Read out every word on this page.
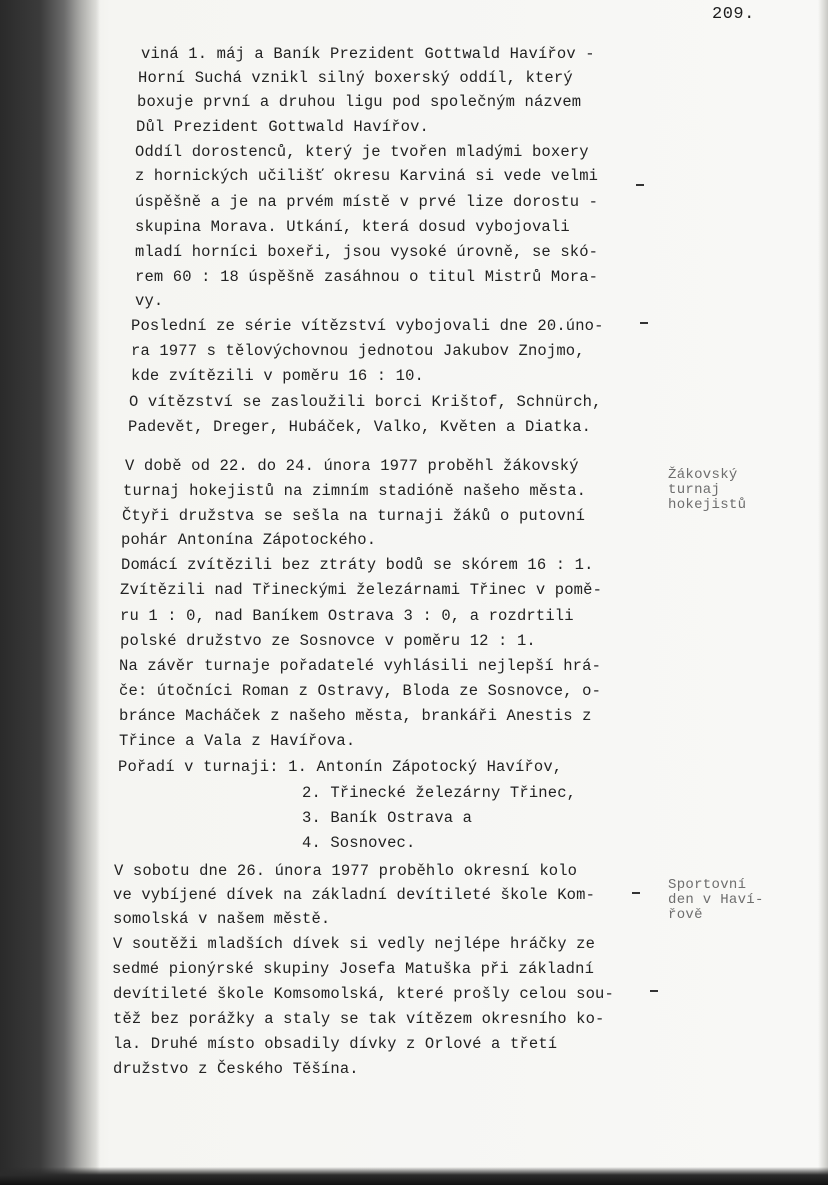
209.
viná 1. máj a Baník Prezident Gottwald Havířov -
Horní Suchá vznikl silný boxerský oddíl, který
boxuje první a druhou ligu pod společným názvem
Důl Prezident Gottwald Havířov.
Oddíl dorostenců, který je tvořen mladými boxery
z hornických učilišť okresu Karviná si vede velmi
úspěšně a je na prvém místě v prvé lize dorostu -
skupina Morava. Utkání, která dosud vybojovali
mladí horníci boxeři, jsou vysoké úrovně, se skó-
rem 60 : 18 úspěšně zasáhnou o titul Mistrů Mora-
vy.
Poslední ze série vítězství vybojovali dne 20.úno-
ra 1977 s tělovýchovnou jednotou Jakubov Znojmo,
kde zvítězili v poměru 16 : 10.
O vítězství se zasloužili borci Krištof, Schnürch,
Padevět, Dreger, Hubáček, Valko, Květen a Diatka.
V době od 22. do 24. února 1977 proběhl žákovský
turnaj hokejistů na zimním stadióně našeho města.
Čtyři družstva se sešla na turnaji žáků o putovní
pohár Antonína Zápotockého.
Domácí zvítězili bez ztráty bodů se skórem 16 : 1.
Zvítězili nad Třineckými železárnami Třinec v pomě-
ru 1 : 0, nad Baníkem Ostrava 3 : 0, a rozdrtili
polské družstvo ze Sosnovce v poměru 12 : 1.
Na závěr turnaje pořadatelé vyhlásili nejlepší hrá-
če: útočníci Roman z Ostravy, Bloda ze Sosnovce, o-
bránce Macháček z našeho města, brankáři Anestis z
Třince a Vala z Havířova.
Pořadí v turnaji: 1. Antonín Zápotocký Havířov,
2. Třinecké železárny Třinec,
3. Baník Ostrava a
4. Sosnovec.
V sobotu dne 26. února 1977 proběhlo okresní kolo
ve vybíjené dívek na základní devítileté škole Kom-
somolská v našem městě.
V soutěži mladších dívek si vedly nejlépe hráčky ze
sedmé pionýrské skupiny Josefa Matuška při základní
devítileté škole Komsomolská, které prošly celou sou-
těž bez porážky a staly se tak vítězem okresního ko-
la. Druhé místo obsadily dívky z Orlové a třetí
družstvo z Českého Těšína.
Žákovský
turnaj
hokejistů
Sportovní
den v Haví-
řově
